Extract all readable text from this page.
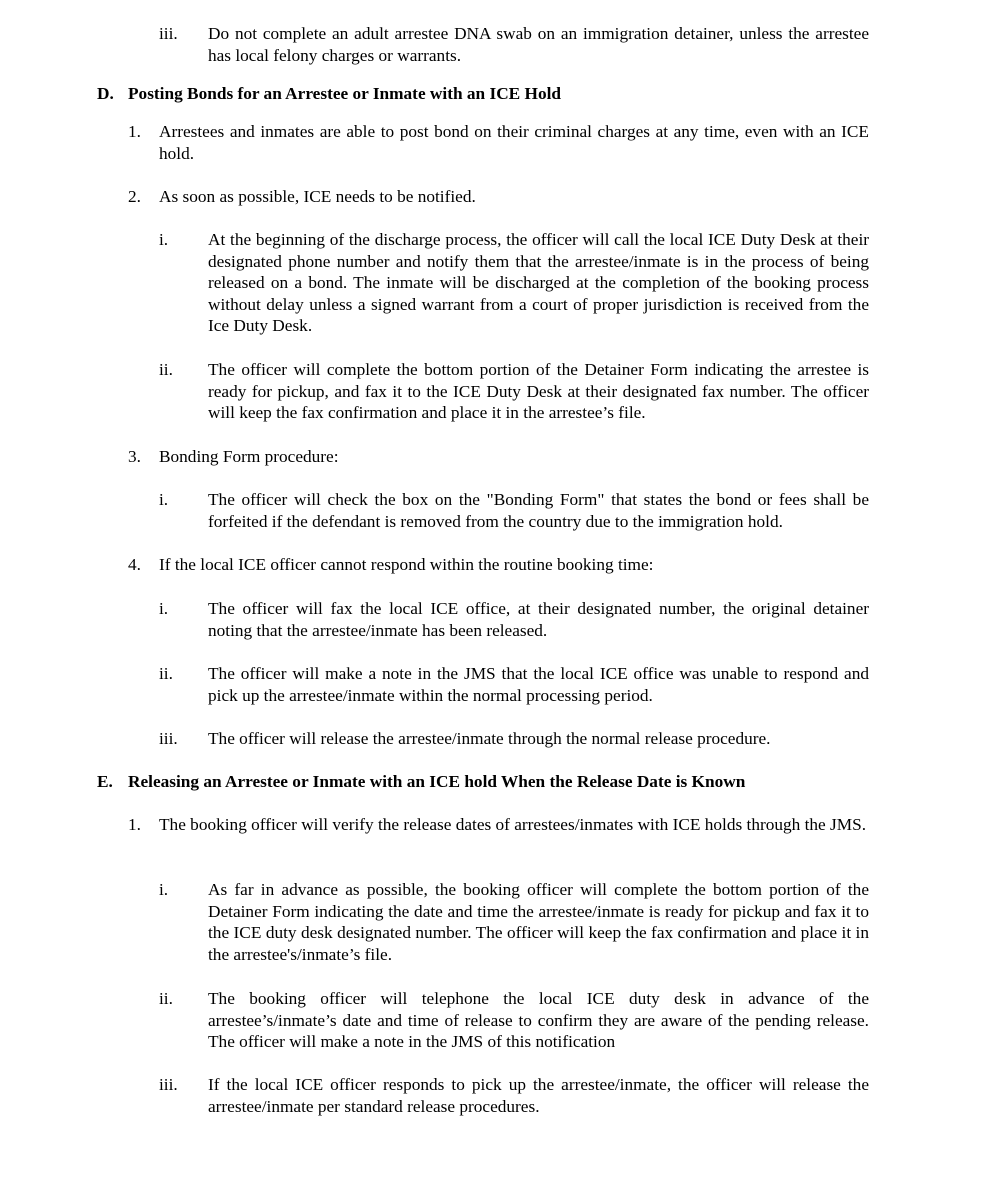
iii. Do not complete an adult arrestee DNA swab on an immigration detainer, unless the arrestee has local felony charges or warrants.
D. Posting Bonds for an Arrestee or Inmate with an ICE Hold
1. Arrestees and inmates are able to post bond on their criminal charges at any time, even with an ICE hold.
2. As soon as possible, ICE needs to be notified.
i. At the beginning of the discharge process, the officer will call the local ICE Duty Desk at their designated phone number and notify them that the arrestee/inmate is in the process of being released on a bond. The inmate will be discharged at the completion of the booking process without delay unless a signed warrant from a court of proper jurisdiction is received from the Ice Duty Desk.
ii. The officer will complete the bottom portion of the Detainer Form indicating the arrestee is ready for pickup, and fax it to the ICE Duty Desk at their designated fax number. The officer will keep the fax confirmation and place it in the arrestee’s file.
3. Bonding Form procedure:
i. The officer will check the box on the "Bonding Form" that states the bond or fees shall be forfeited if the defendant is removed from the country due to the immigration hold.
4. If the local ICE officer cannot respond within the routine booking time:
i. The officer will fax the local ICE office, at their designated number, the original detainer noting that the arrestee/inmate has been released.
ii. The officer will make a note in the JMS that the local ICE office was unable to respond and pick up the arrestee/inmate within the normal processing period.
iii. The officer will release the arrestee/inmate through the normal release procedure.
E. Releasing an Arrestee or Inmate with an ICE hold When the Release Date is Known
1. The booking officer will verify the release dates of arrestees/inmates with ICE holds through the JMS.
i. As far in advance as possible, the booking officer will complete the bottom portion of the Detainer Form indicating the date and time the arrestee/inmate is ready for pickup and fax it to the ICE duty desk designated number. The officer will keep the fax confirmation and place it in the arrestee's/inmate’s file.
ii. The booking officer will telephone the local ICE duty desk in advance of the arrestee’s/inmate’s date and time of release to confirm they are aware of the pending release. The officer will make a note in the JMS of this notification
iii. If the local ICE officer responds to pick up the arrestee/inmate, the officer will release the arrestee/inmate per standard release procedures.
